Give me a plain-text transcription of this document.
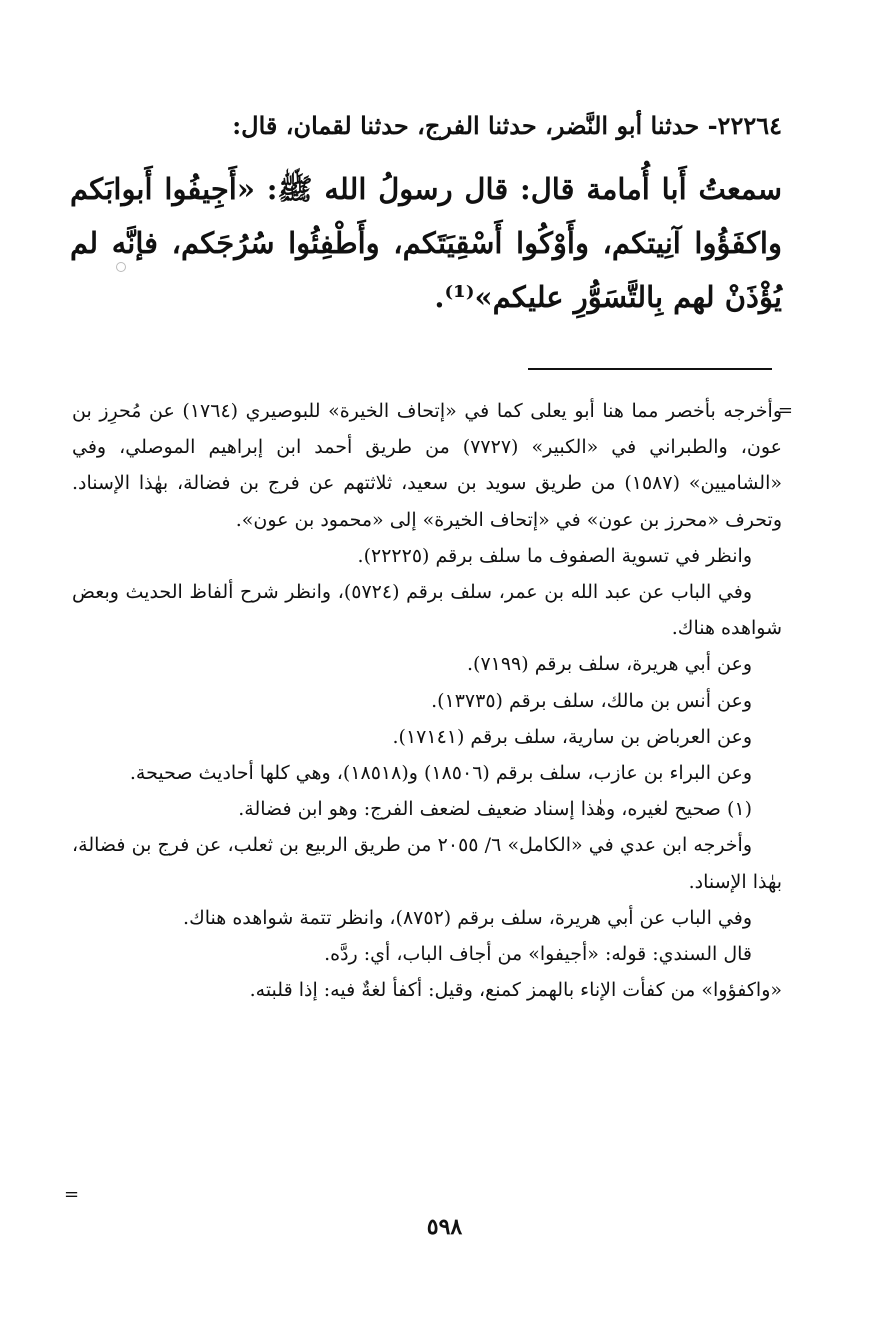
٢٢٢٦٤- حدثنا أبو النَّضر، حدثنا الفرج، حدثنا لقمان، قال:
سمعتُ أَبا أُمامة قال: قال رسولُ الله ﷺ: «أَجِيفُوا أَبوابَكم واكفَؤُوا آنِيتكم، وأَوْكُوا أَسْقِيَتَكم، وأَطْفِئُوا سُرُجَكم، فإنَّه لم يُؤْذَنْ لهم بِالتَّسَوُّرِ عليكم»⁽¹⁾.
=

وأخرجه بأخصر مما هنا أبو يعلى كما في «إتحاف الخيرة» للبوصيري (١٧٦٤) عن مُحرِز بن عون، والطبراني في «الكبير» (٧٧٢٧) من طريق أحمد ابن إبراهيم الموصلي، وفي «الشاميين» (١٥٨٧) من طريق سويد بن سعيد، ثلاثتهم عن فرج بن فضالة، بهٰذا الإسناد. وتحرف «محرز بن عون» في «إتحاف الخيرة» إلى «محمود بن عون».

وانظر في تسوية الصفوف ما سلف برقم (٢٢٢٢٥).

وفي الباب عن عبد الله بن عمر، سلف برقم (٥٧٢٤)، وانظر شرح ألفاظ الحديث وبعض شواهده هناك.

وعن أبي هريرة، سلف برقم (٧١٩٩).

وعن أنس بن مالك، سلف برقم (١٣٧٣٥).

وعن العرباض بن سارية، سلف برقم (١٧١٤١).

وعن البراء بن عازب، سلف برقم (١٨٥٠٦) و(١٨٥١٨)، وهي كلها أحاديث صحيحة.

(١) صحيح لغيره، وهٰذا إسناد ضعيف لضعف الفرج: وهو ابن فضالة.

وأخرجه ابن عدي في «الكامل» ٦/ ٢٠٥٥ من طريق الربيع بن ثعلب، عن فرج بن فضالة، بهٰذا الإسناد.

وفي الباب عن أبي هريرة، سلف برقم (٨٧٥٢)، وانظر تتمة شواهده هناك.

قال السندي: قوله: «أجيفوا» من أجاف الباب، أي: ردَّه.

«واكفؤوا» من كفأت الإناء بالهمز كمنع، وقيل: أكفأ لغةٌ فيه: إذا قلبته.

=
٥٩٨
